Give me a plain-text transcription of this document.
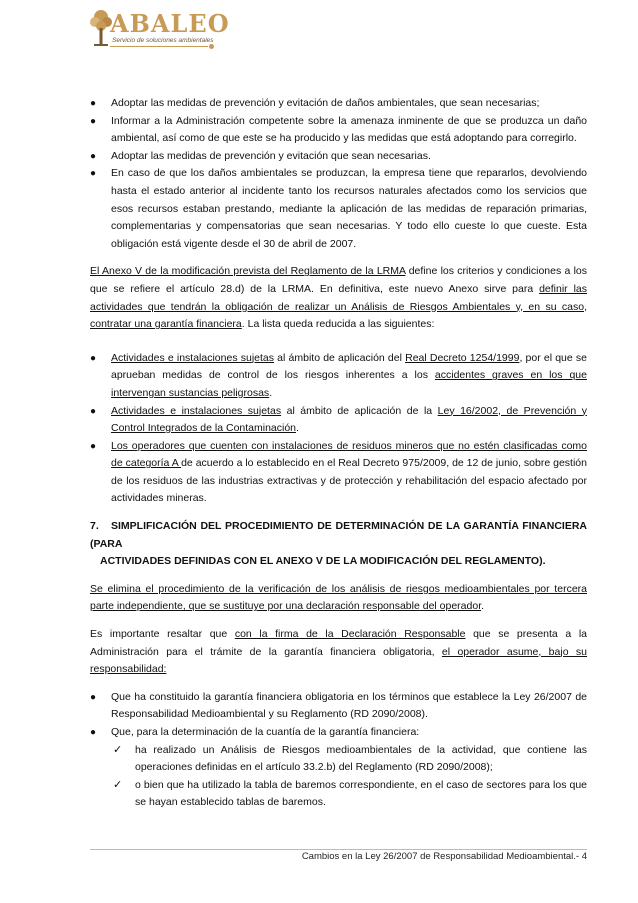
ABALEO
Servicio de soluciones ambientales
● Adoptar las medidas de prevención y evitación de daños ambientales, que sean necesarias;
● Informar a la Administración competente sobre la amenaza inminente de que se produzca un daño ambiental, así como de que este se ha producido y las medidas que está adoptando para corregirlo.
● Adoptar las medidas de prevención y evitación que sean necesarias.
● En caso de que los daños ambientales se produzcan, la empresa tiene que repararlos, devolviendo hasta el estado anterior al incidente tanto los recursos naturales afectados como los servicios que esos recursos estaban prestando, mediante la aplicación de las medidas de reparación primarias, complementarias y compensatorias que sean necesarias. Y todo ello cueste lo que cueste. Esta obligación está vigente desde el 30 de abril de 2007.

El Anexo V de la modificación prevista del Reglamento de la LRMA define los criterios y condiciones a los que se refiere el artículo 28.d) de la LRMA. En definitiva, este nuevo Anexo sirve para definir las actividades que tendrán la obligación de realizar un Análisis de Riesgos Ambientales y, en su caso, contratar una garantía financiera. La lista queda reducida a las siguientes:

● Actividades e instalaciones sujetas al ámbito de aplicación del Real Decreto 1254/1999, por el que se aprueban medidas de control de los riesgos inherentes a los accidentes graves en los que intervengan sustancias peligrosas.
● Actividades e instalaciones sujetas al ámbito de aplicación de la Ley 16/2002, de Prevención y Control Integrados de la Contaminación.
● Los operadores que cuenten con instalaciones de residuos mineros que no estén clasificadas como de categoría A de acuerdo a lo establecido en el Real Decreto 975/2009, de 12 de junio, sobre gestión de los residuos de las industrias extractivas y de protección y rehabilitación del espacio afectado por actividades mineras.
7. SIMPLIFICACIÓN DEL PROCEDIMIENTO DE DETERMINACIÓN DE LA GARANTÍA FINANCIERA (PARA
ACTIVIDADES DEFINIDAS CON EL ANEXO V DE LA MODIFICACIÓN DEL REGLAMENTO).

Se elimina el procedimiento de la verificación de los análisis de riesgos medioambientales por tercera parte independiente, que se sustituye por una declaración responsable del operador.

Es importante resaltar que con la firma de la Declaración Responsable que se presenta a la Administración para el trámite de la garantía financiera obligatoria, el operador asume, bajo su responsabilidad:

● Que ha constituido la garantía financiera obligatoria en los términos que establece la Ley 26/2007 de Responsabilidad Medioambiental y su Reglamento (RD 2090/2008).
● Que, para la determinación de la cuantía de la garantía financiera:
✓ ha realizado un Análisis de Riesgos medioambientales de la actividad, que contiene las operaciones definidas en el artículo 33.2.b) del Reglamento (RD 2090/2008);
✓ o bien que ha utilizado la tabla de baremos correspondiente, en el caso de sectores para los que se hayan establecido tablas de baremos.
Cambios en la Ley 26/2007 de Responsabilidad Medioambiental.- 4
